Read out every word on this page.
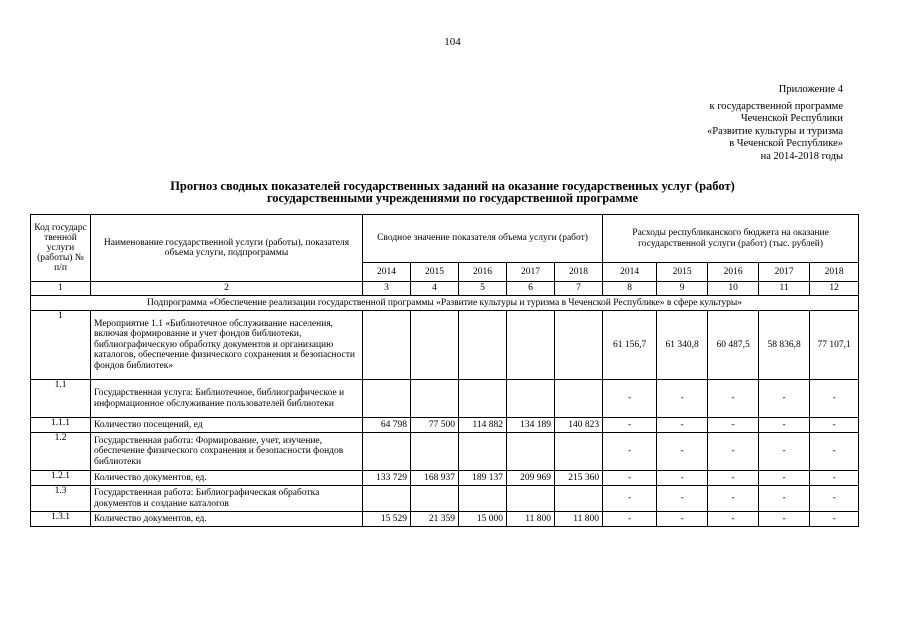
104
Приложение 4
к государственной программе
Чеченской Республики
«Развитие культуры и туризма
в Чеченской Республике»
на 2014-2018 годы
Прогноз сводных показателей государственных заданий на оказание государственных услуг (работ)
государственными учреждениями по государственной программе
Код государс твенной услуги (работы) № п/п	Наименование государственной услуги (работы), показателя объема услуги, подпрограммы	Сводное значение показателя объема услуги (работ)					Расходы республиканского бюджета на оказание государственной услуги (работ) (тыс. рублей)				
		2014	2015	2016	2017	2018	2014	2015	2016	2017	2018
1	2	3	4	5	6	7	8	9	10	11	12
Подпрограмма «Обеспечение реализации государственной программы «Развитие культуры и туризма в Чеченской Республике» в сфере культуры»											
1	Мероприятие 1.1 «Библиотечное обслуживание населения, включая формирование и учет фондов библиотеки, библиографическую обработку документов и организацию каталогов, обеспечение физического сохранения и безопасности фондов библиотек»						61 156,7	61 340,8	60 487,5	58 836,8	77 107,1
1.1	Государственная услуга: Библиотечное, библиографическое и информационное обслуживание пользователей библиотеки						-	-	-	-	-
1.1.1	Количество посещений, ед	64 798	77 500	114 882	134 189	140 823	-	-	-	-	-
1.2	Государственная работа: Формирование, учет, изучение, обеспечение физического сохранения и безопасности фондов библиотеки						-	-	-	-	-
1.2.1	Количество документов, ед.	133 729	168 937	189 137	209 969	215 360	-	-	-	-	-
1.3	Государственная работа: Библиографическая обработка документов и создание каталогов						-	-	-	-	-
1.3.1	Количество документов, ед.	15 529	21 359	15 000	11 800	11 800	-	-	-	-	-
